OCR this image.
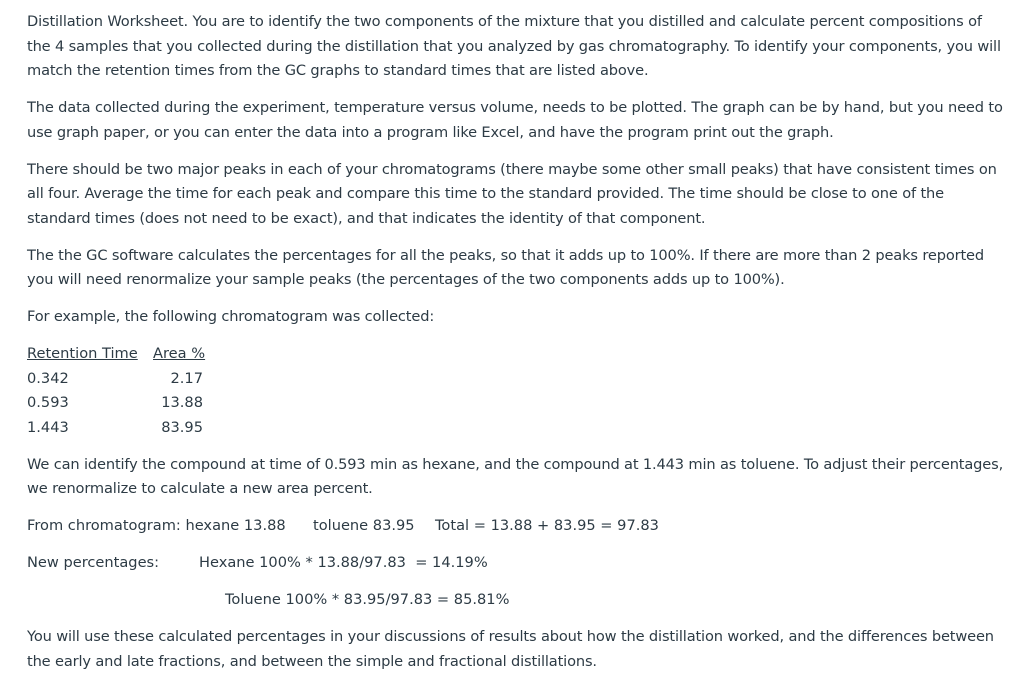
Distillation Worksheet. You are to identify the two components of the mixture that you distilled and calculate percent compositions of the 4 samples that you collected during the distillation that you analyzed by gas chromatography. To identify your components, you will match the retention times from the GC graphs to standard times that are listed above.

The data collected during the experiment, temperature versus volume, needs to be plotted. The graph can be by hand, but you need to use graph paper, or you can enter the data into a program like Excel, and have the program print out the graph.

There should be two major peaks in each of your chromatograms (there maybe some other small peaks) that have consistent times on all four. Average the time for each peak and compare this time to the standard provided. The time should be close to one of the standard times (does not need to be exact), and that indicates the identity of that component.

The the GC software calculates the percentages for all the peaks, so that it adds up to 100%. If there are more than 2 peaks reported you will need renormalize your sample peaks (the percentages of the two components adds up to 100%).

For example, the following chromatogram was collected:

Retention Time	Area %
0.342	2.17
0.593	13.88
1.443	83.95

We can identify the compound at time of 0.593 min as hexane, and the compound at 1.443 min as toluene. To adjust their percentages, we renormalize to calculate a new area percent.

From chromatogram: hexane 13.88 toluene 83.95 Total = 13.88 + 83.95 = 97.83
New percentages:	Hexane 100% * 13.88/97.83  = 14.19%
Toluene 100% * 83.95/97.83 = 85.81%

You will use these calculated percentages in your discussions of results about how the distillation worked, and the differences between the early and late fractions, and between the simple and fractional distillations.
